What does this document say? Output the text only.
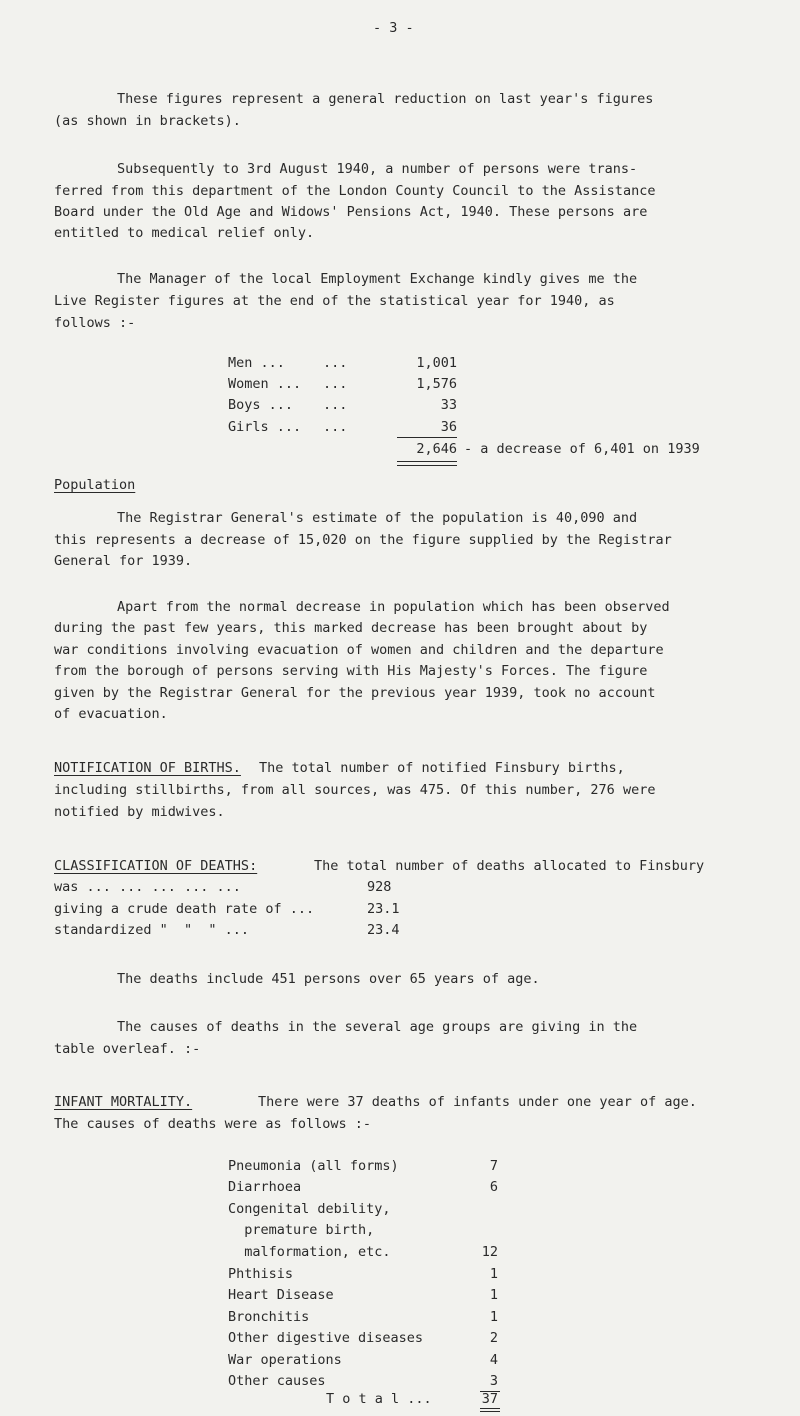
- 3 -
These figures represent a general reduction on last year's figures
(as shown in brackets).
Subsequently to 3rd August 1940, a number of persons were trans-
ferred from this department of the London County Council to the Assistance
Board under the Old Age and Widows' Pensions Act, 1940. These persons are
entitled to medical relief only.
The Manager of the local Employment Exchange kindly gives me the
Live Register figures at the end of the statistical year for 1940, as
follows :-
Men ...	...	1,001
Women ... ...	1,576
Boys ... ...	33
Girls ... ...	36
2,646 - a decrease of 6,401 on 1939
Population
The Registrar General's estimate of the population is 40,090 and
this represents a decrease of 15,020 on the figure supplied by the Registrar
General for 1939.
Apart from the normal decrease in population which has been observed
during the past few years, this marked decrease has been brought about by
war conditions involving evacuation of women and children and the departure
from the borough of persons serving with His Majesty's Forces. The figure
given by the Registrar General for the previous year 1939, took no account
of evacuation.
NOTIFICATION OF BIRTHS. The total number of notified Finsbury births,
including stillbirths, from all sources, was 475. Of this number, 276 were
notified by midwives.
CLASSIFICATION OF DEATHS:	The total number of deaths allocated to Finsbury
was ... ... ... ... ...	928
giving a crude death rate of ...	23.1
standardized "  "  " ...	23.4
The deaths include 451 persons over 65 years of age.
The causes of deaths in the several age groups are giving in the
table overleaf. :-
INFANT MORTALITY.	There were 37 deaths of infants under one year of age.
The causes of deaths were as follows :-
Pneumonia (all forms)	7
Diarrhoea	6
Congenital debility,
premature birth,
malformation, etc.	12
Phthisis	1
Heart Disease	1
Bronchitis	1
Other digestive diseases	2
War operations	4
Other causes	3
T o t a l ...	37
